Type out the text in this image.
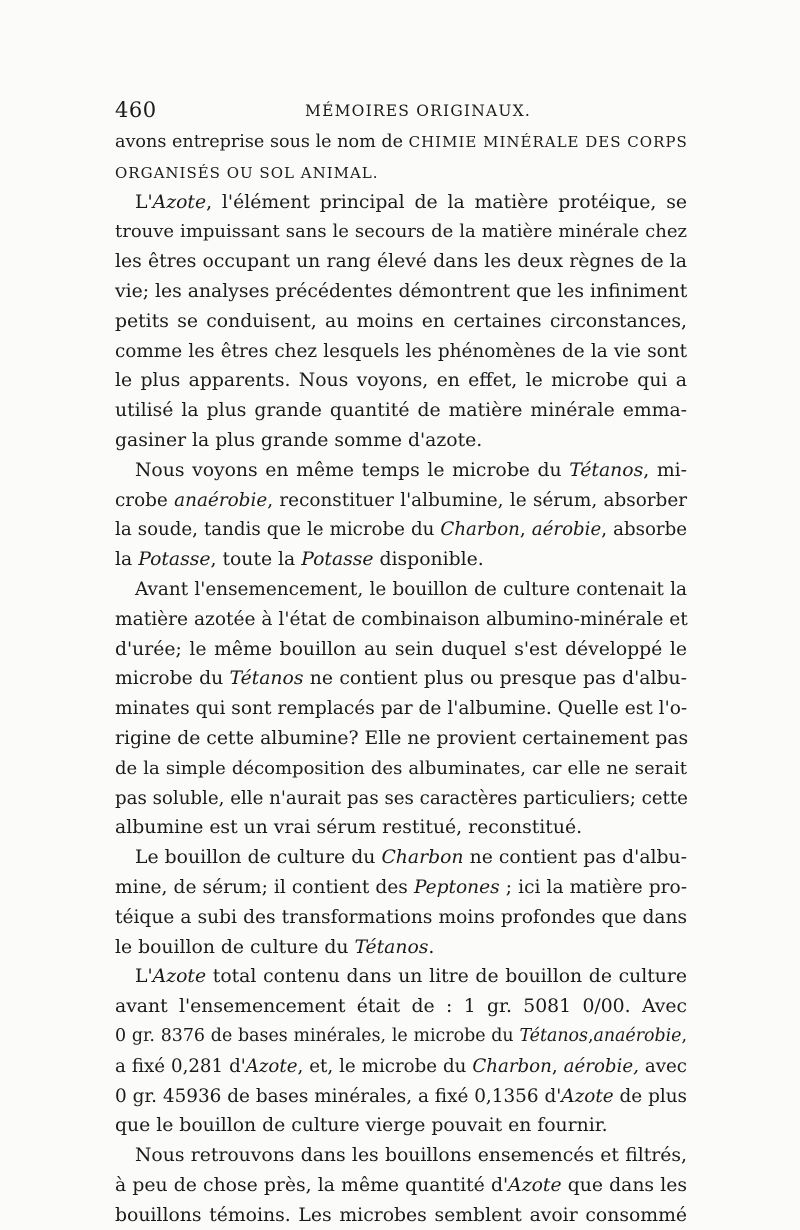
460	MÉMOIRES ORIGINAUX.
avons entreprise sous le nom de CHIMIE MINÉRALE DES CORPS
ORGANISÉS OU SOL ANIMAL.
L'Azote, l'élément principal de la matière protéique, se
trouve impuissant sans le secours de la matière minérale chez
les êtres occupant un rang élevé dans les deux règnes de la
vie; les analyses précédentes démontrent que les infiniment
petits se conduisent, au moins en certaines circonstances,
comme les êtres chez lesquels les phénomènes de la vie sont
le plus apparents. Nous voyons, en effet, le microbe qui a
utilisé la plus grande quantité de matière minérale emma-
gasiner la plus grande somme d'azote.
Nous voyons en même temps le microbe du Tétanos, mi-
crobe anaérobie, reconstituer l'albumine, le sérum, absorber
la soude, tandis que le microbe du Charbon, aérobie, absorbe
la Potasse, toute la Potasse disponible.
Avant l'ensemencement, le bouillon de culture contenait la
matière azotée à l'état de combinaison albumino-minérale et
d'urée; le même bouillon au sein duquel s'est développé le
microbe du Tétanos ne contient plus ou presque pas d'albu-
minates qui sont remplacés par de l'albumine. Quelle est l'o-
rigine de cette albumine? Elle ne provient certainement pas
de la simple décomposition des albuminates, car elle ne serait
pas soluble, elle n'aurait pas ses caractères particuliers; cette
albumine est un vrai sérum restitué, reconstitué.
Le bouillon de culture du Charbon ne contient pas d'albu-
mine, de sérum; il contient des Peptones ; ici la matière pro-
téique a subi des transformations moins profondes que dans
le bouillon de culture du Tétanos.
L'Azote total contenu dans un litre de bouillon de culture
avant l'ensemencement était de : 1 gr. 5081 0/00. Avec
0 gr. 8376 de bases minérales, le microbe du Tétanos,anaérobie,
a fixé 0,281 d'Azote, et, le microbe du Charbon, aérobie, avec
0 gr. 45936 de bases minérales, a fixé 0,1356 d'Azote de plus
que le bouillon de culture vierge pouvait en fournir.
Nous retrouvons dans les bouillons ensemencés et filtrés,
à peu de chose près, la même quantité d'Azote que dans les
bouillons témoins. Les microbes semblent avoir consommé
